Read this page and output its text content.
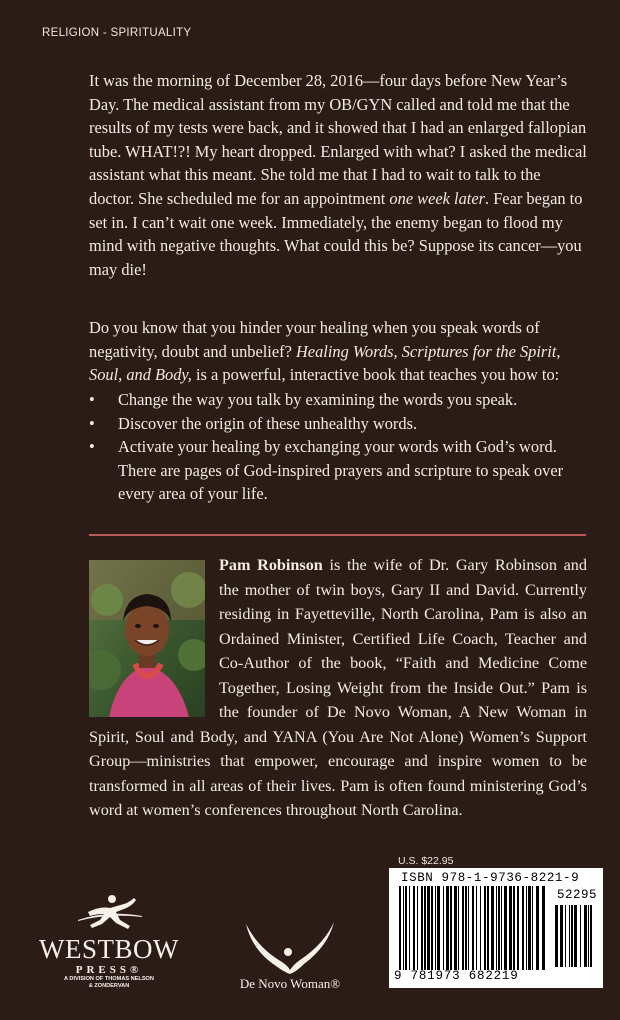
RELIGION - SPIRITUALITY

It was the morning of December 28, 2016—four days before New Year’s Day. The medical assistant from my OB/GYN called and told me that the results of my tests were back, and it showed that I had an enlarged fallopian tube. WHAT!?! My heart dropped. Enlarged with what? I asked the medical assistant what this meant. She told me that I had to wait to talk to the doctor. She scheduled me for an appointment one week later. Fear began to set in. I can’t wait one week. Immediately, the enemy began to flood my mind with negative thoughts. What could this be? Suppose its cancer—you may die!

Do you know that you hinder your healing when you speak words of negativity, doubt and unbelief? Healing Words, Scriptures for the Spirit, Soul, and Body, is a powerful, interactive book that teaches you how to:

• Change the way you talk by examining the words you speak.
• Discover the origin of these unhealthy words.
• Activate your healing by exchanging your words with God’s word. There are pages of God-inspired prayers and scripture to speak over every area of your life.

Pam Robinson is the wife of Dr. Gary Robinson and the mother of twin boys, Gary II and David. Currently residing in Fayetteville, North Carolina, Pam is also an Ordained Minister, Certified Life Coach, Teacher and Co-Author of the book, “Faith and Medicine Come Together, Losing Weight from the Inside Out.” Pam is the founder of De Novo Woman, A New Woman in Spirit, Soul and Body, and YANA (You Are Not Alone) Women’s Support Group—ministries that empower, encourage and inspire women to be transformed in all areas of their lives. Pam is often found ministering God’s word at women’s conferences throughout North Carolina.

U.S. $22.95
ISBN 978-1-9736-8221-9
52295
9 781973 682219
WESTBOW
PRESS®
A DIVISION OF THOMAS NELSON
& ZONDERVAN	De Novo Woman®
